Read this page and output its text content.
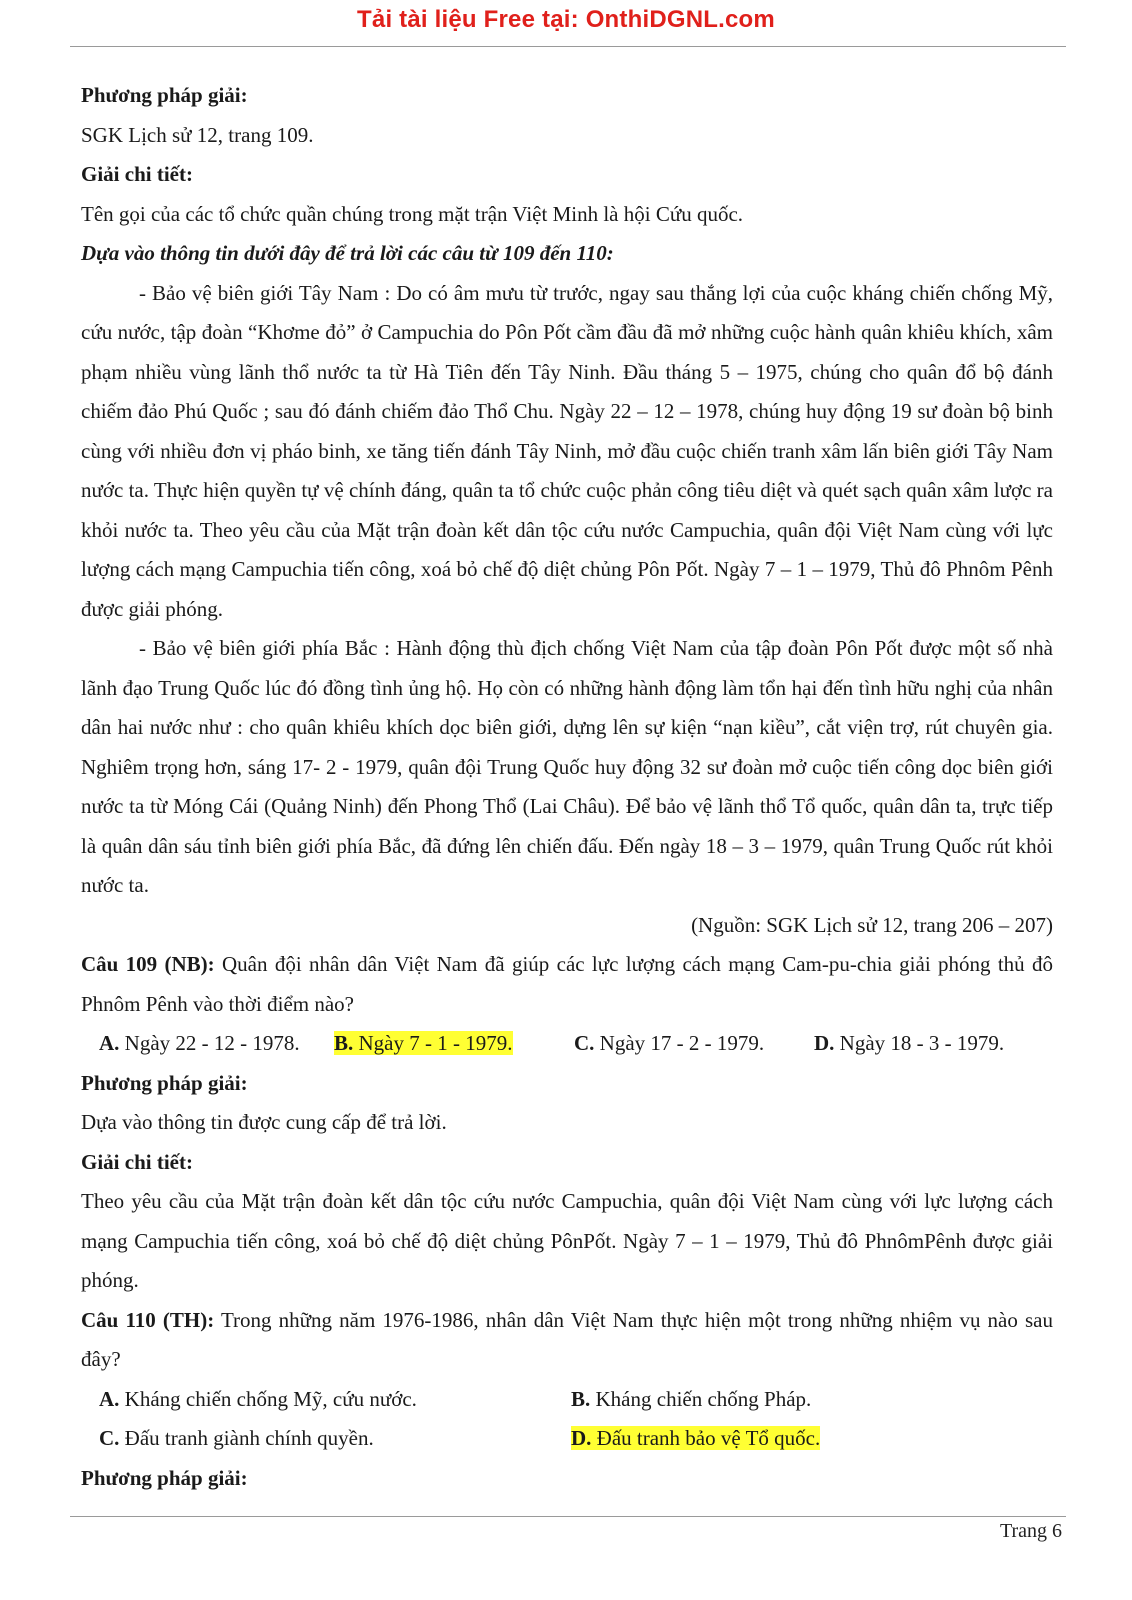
Tải tài liệu Free tại: OnthiDGNL.com

Phương pháp giải:

SGK Lịch sử 12, trang 109.

Giải chi tiết:

Tên gọi của các tổ chức quần chúng trong mặt trận Việt Minh là hội Cứu quốc.

Dựa vào thông tin dưới đây để trả lời các câu từ 109 đến 110:

- Bảo vệ biên giới Tây Nam : Do có âm mưu từ trước, ngay sau thắng lợi của cuộc kháng chiến chống Mỹ, cứu nước, tập đoàn “Khơme đỏ” ở Campuchia do Pôn Pốt cầm đầu đã mở những cuộc hành quân khiêu khích, xâm phạm nhiều vùng lãnh thổ nước ta từ Hà Tiên đến Tây Ninh. Đầu tháng 5 – 1975, chúng cho quân đổ bộ đánh chiếm đảo Phú Quốc ; sau đó đánh chiếm đảo Thổ Chu. Ngày 22 – 12 – 1978, chúng huy động 19 sư đoàn bộ binh cùng với nhiều đơn vị pháo binh, xe tăng tiến đánh Tây Ninh, mở đầu cuộc chiến tranh xâm lấn biên giới Tây Nam nước ta. Thực hiện quyền tự vệ chính đáng, quân ta tổ chức cuộc phản công tiêu diệt và quét sạch quân xâm lược ra khỏi nước ta. Theo yêu cầu của Mặt trận đoàn kết dân tộc cứu nước Campuchia, quân đội Việt Nam cùng với lực lượng cách mạng Campuchia tiến công, xoá bỏ chế độ diệt chủng Pôn Pốt. Ngày 7 – 1 – 1979, Thủ đô Phnôm Pênh được giải phóng.

- Bảo vệ biên giới phía Bắc : Hành động thù địch chống Việt Nam của tập đoàn Pôn Pốt được một số nhà lãnh đạo Trung Quốc lúc đó đồng tình ủng hộ. Họ còn có những hành động làm tổn hại đến tình hữu nghị của nhân dân hai nước như : cho quân khiêu khích dọc biên giới, dựng lên sự kiện “nạn kiều”, cắt viện trợ, rút chuyên gia. Nghiêm trọng hơn, sáng 17- 2 - 1979, quân đội Trung Quốc huy động 32 sư đoàn mở cuộc tiến công dọc biên giới nước ta từ Móng Cái (Quảng Ninh) đến Phong Thổ (Lai Châu). Để bảo vệ lãnh thổ Tổ quốc, quân dân ta, trực tiếp là quân dân sáu tỉnh biên giới phía Bắc, đã đứng lên chiến đấu. Đến ngày 18 – 3 – 1979, quân Trung Quốc rút khỏi nước ta.

(Nguồn: SGK Lịch sử 12, trang 206 – 207)

Câu 109 (NB): Quân đội nhân dân Việt Nam đã giúp các lực lượng cách mạng Cam-pu-chia giải phóng thủ đô Phnôm Pênh vào thời điểm nào?

A. Ngày 22 - 12 - 1978.	B. Ngày 7 - 1 - 1979.	C. Ngày 17 - 2 - 1979.	D. Ngày 18 - 3 - 1979.

Phương pháp giải:

Dựa vào thông tin được cung cấp để trả lời.

Giải chi tiết:

Theo yêu cầu của Mặt trận đoàn kết dân tộc cứu nước Campuchia, quân đội Việt Nam cùng với lực lượng cách mạng Campuchia tiến công, xoá bỏ chế độ diệt chủng PônPốt. Ngày 7 – 1 – 1979, Thủ đô PhnômPênh được giải phóng.

Câu 110 (TH): Trong những năm 1976-1986, nhân dân Việt Nam thực hiện một trong những nhiệm vụ nào sau đây?

A. Kháng chiến chống Mỹ, cứu nước.	B. Kháng chiến chống Pháp.
C. Đấu tranh giành chính quyền.	D. Đấu tranh bảo vệ Tổ quốc.

Phương pháp giải:

Trang 6
